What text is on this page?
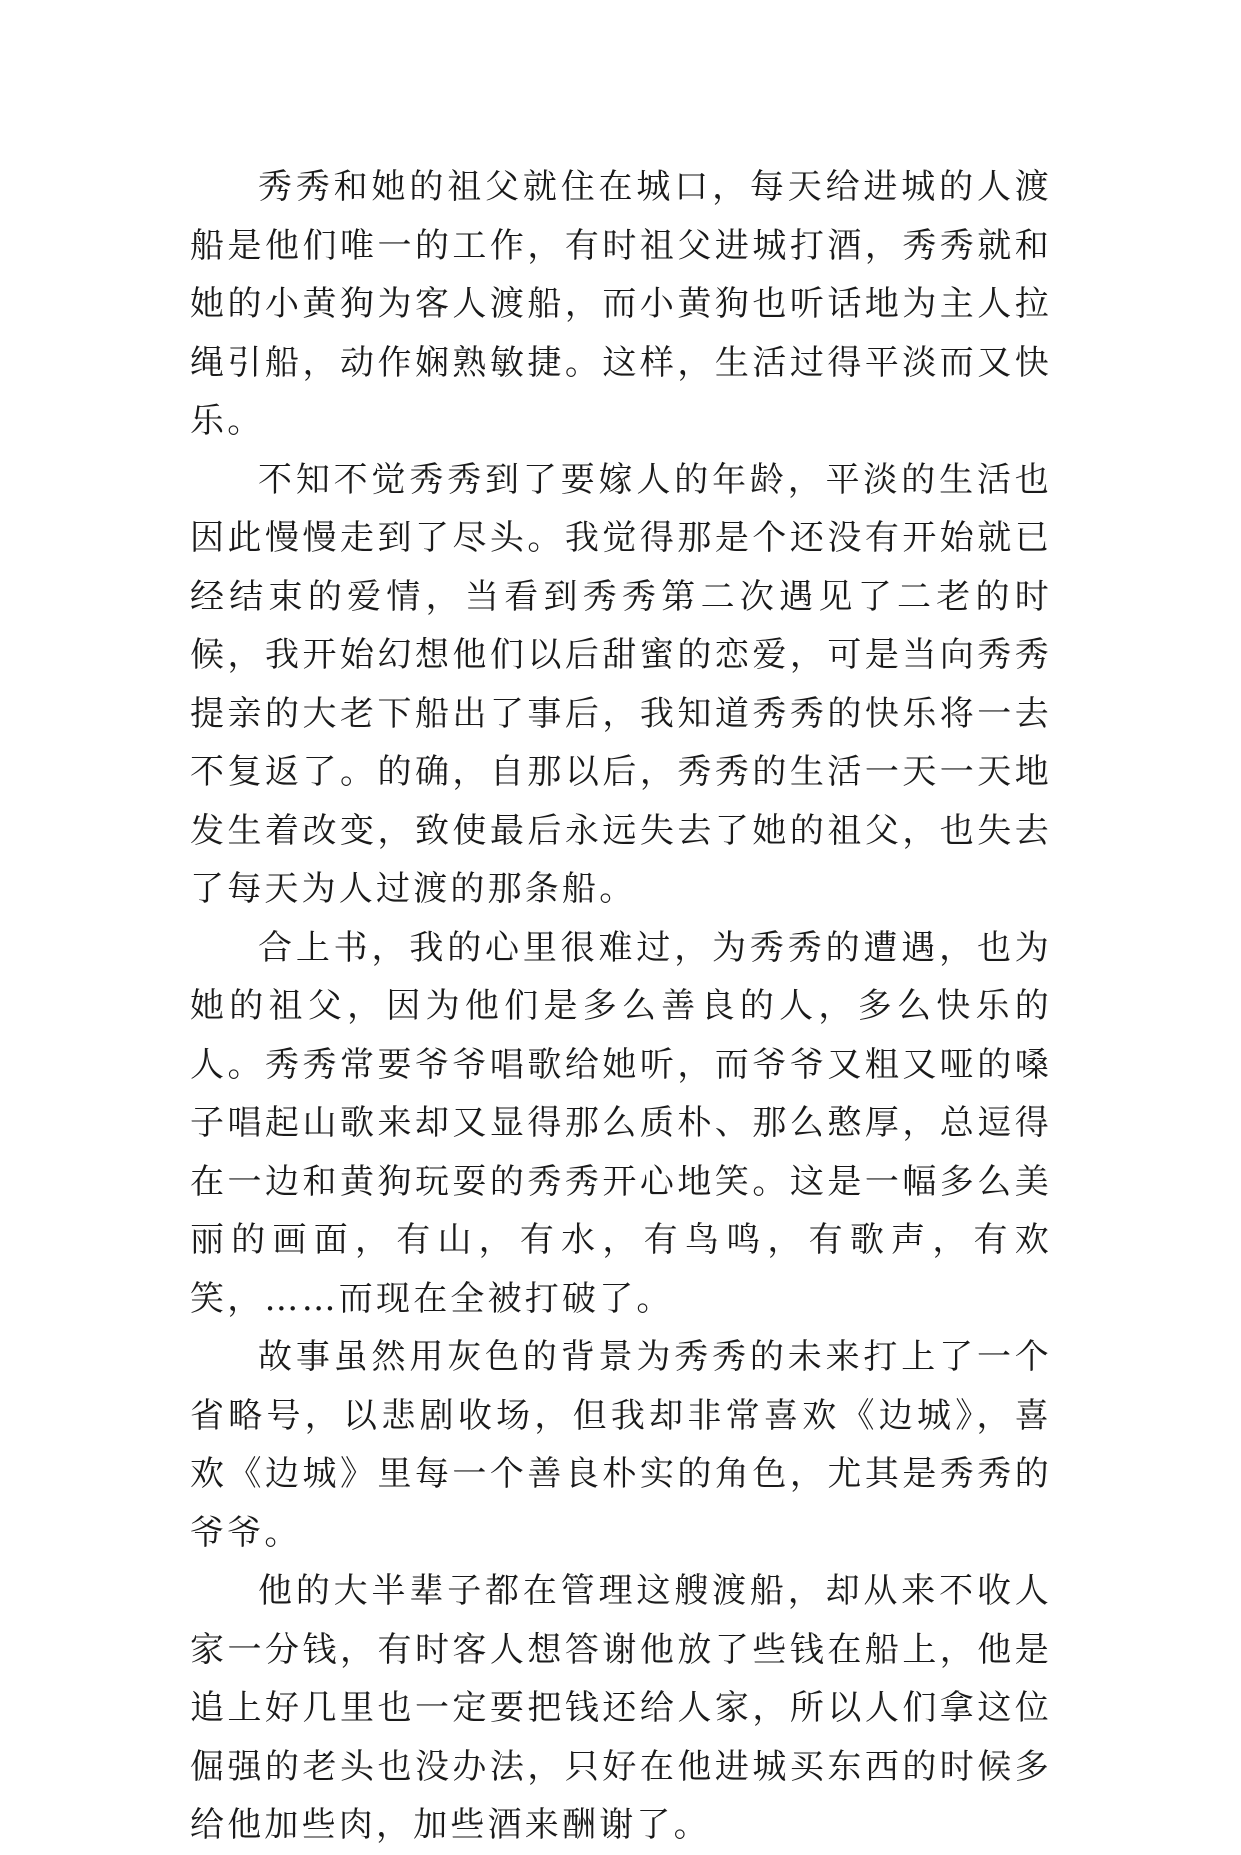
秀秀和她的祖父就住在城口，每天给进城的人渡船是他们唯一的工作，有时祖父进城打酒，秀秀就和她的小黄狗为客人渡船，而小黄狗也听话地为主人拉绳引船，动作娴熟敏捷。这样，生活过得平淡而又快乐。

不知不觉秀秀到了要嫁人的年龄，平淡的生活也因此慢慢走到了尽头。我觉得那是个还没有开始就已经结束的爱情，当看到秀秀第二次遇见了二老的时候，我开始幻想他们以后甜蜜的恋爱，可是当向秀秀提亲的大老下船出了事后，我知道秀秀的快乐将一去不复返了。的确，自那以后，秀秀的生活一天一天地发生着改变，致使最后永远失去了她的祖父，也失去了每天为人过渡的那条船。

合上书，我的心里很难过，为秀秀的遭遇，也为她的祖父，因为他们是多么善良的人，多么快乐的人。秀秀常要爷爷唱歌给她听，而爷爷又粗又哑的嗓子唱起山歌来却又显得那么质朴、那么憨厚，总逗得在一边和黄狗玩耍的秀秀开心地笑。这是一幅多么美丽的画面，有山，有水，有鸟鸣，有歌声，有欢笑，……而现在全被打破了。

故事虽然用灰色的背景为秀秀的未来打上了一个省略号，以悲剧收场，但我却非常喜欢《边城》，喜欢《边城》里每一个善良朴实的角色，尤其是秀秀的爷爷。

他的大半辈子都在管理这艘渡船，却从来不收人家一分钱，有时客人想答谢他放了些钱在船上，他是追上好几里也一定要把钱还给人家，所以人们拿这位倔强的老头也没办法，只好在他进城买东西的时候多给他加些肉，加些酒来酬谢了。
